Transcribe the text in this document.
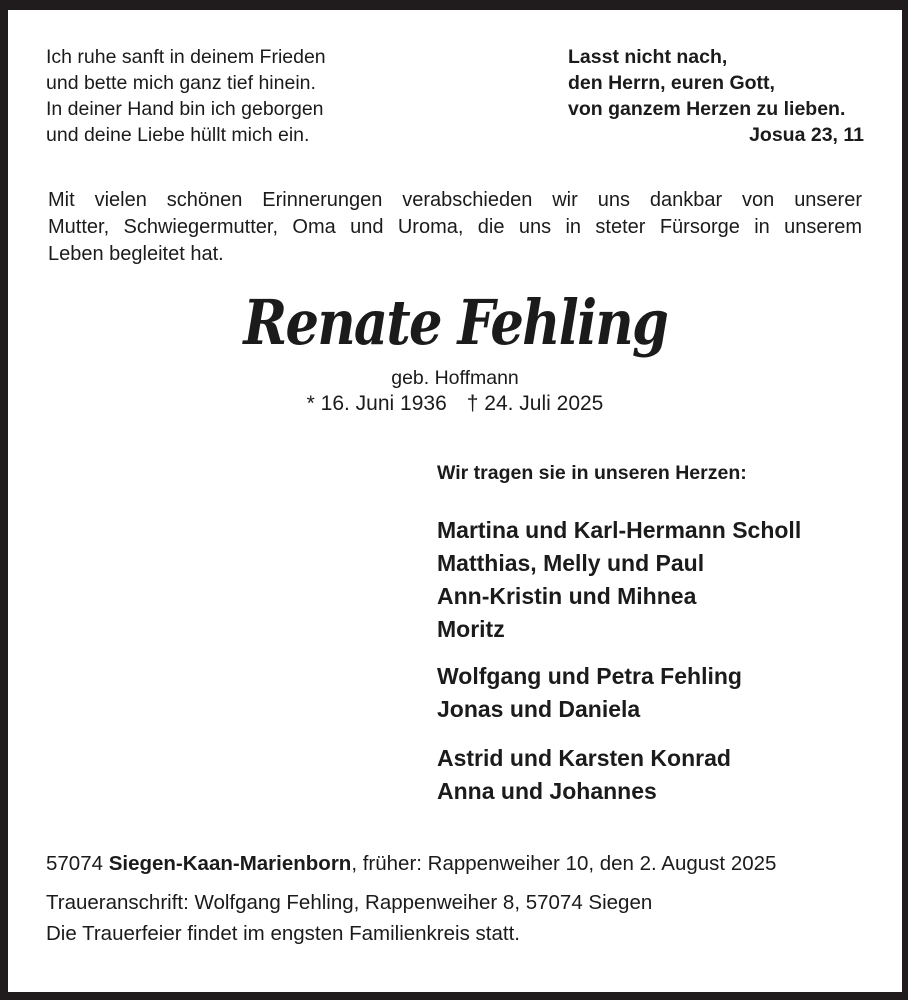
Ich ruhe sanft in deinem Frieden
und bette mich ganz tief hinein.
In deiner Hand bin ich geborgen
und deine Liebe hüllt mich ein.
Lasst nicht nach,
den Herrn, euren Gott,
von ganzem Herzen zu lieben.
Josua 23, 11
Mit vielen schönen Erinnerungen verabschieden wir uns dankbar von unserer
Mutter, Schwiegermutter, Oma und Uroma, die uns in steter Fürsorge in unserem
Leben begleitet hat.
Renate Fehling
geb. Hoffmann
* 16. Juni 1936 † 24. Juli 2025
Wir tragen sie in unseren Herzen:
Martina und Karl-Hermann Scholl
Matthias, Melly und Paul
Ann-Kristin und Mihnea
Moritz
Wolfgang und Petra Fehling
Jonas und Daniela
Astrid und Karsten Konrad
Anna und Johannes
57074 Siegen-Kaan-Marienborn, früher: Rappenweiher 10, den 2. August 2025
Traueranschrift: Wolfgang Fehling, Rappenweiher 8, 57074 Siegen
Die Trauerfeier findet im engsten Familienkreis statt.
